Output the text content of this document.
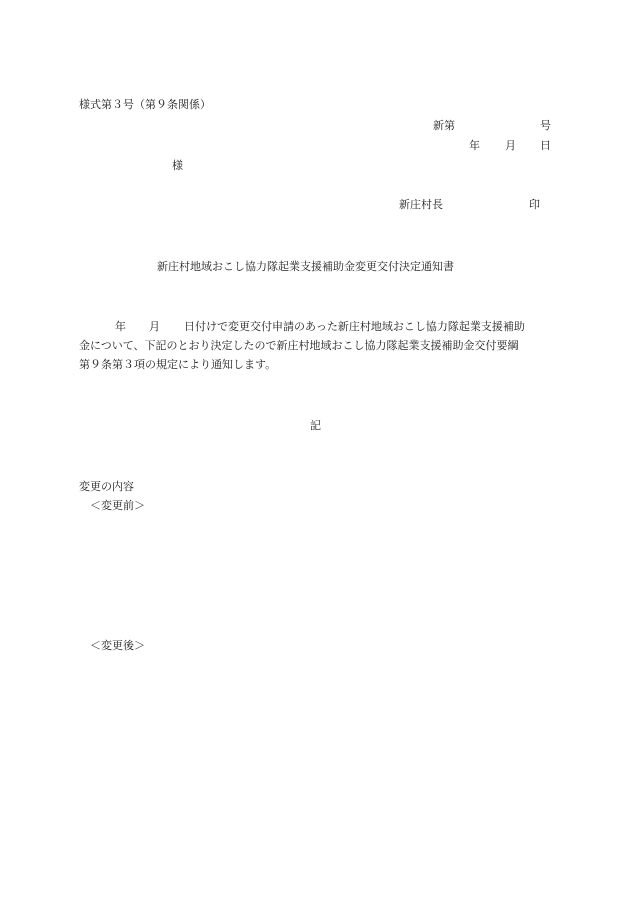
様式第３号（第９条関係）
新第	号
年 月 日
様
新庄村長	印
新庄村地域おこし協力隊起業支援補助金変更交付決定通知書
年 月 日付けで変更交付申請のあった新庄村地域おこし協力隊起業支援補助
金について、下記のとおり決定したので新庄村地域おこし協力隊起業支援補助金交付要綱
第９条第３項の規定により通知します。
記
変更の内容
＜変更前＞
＜変更後＞
